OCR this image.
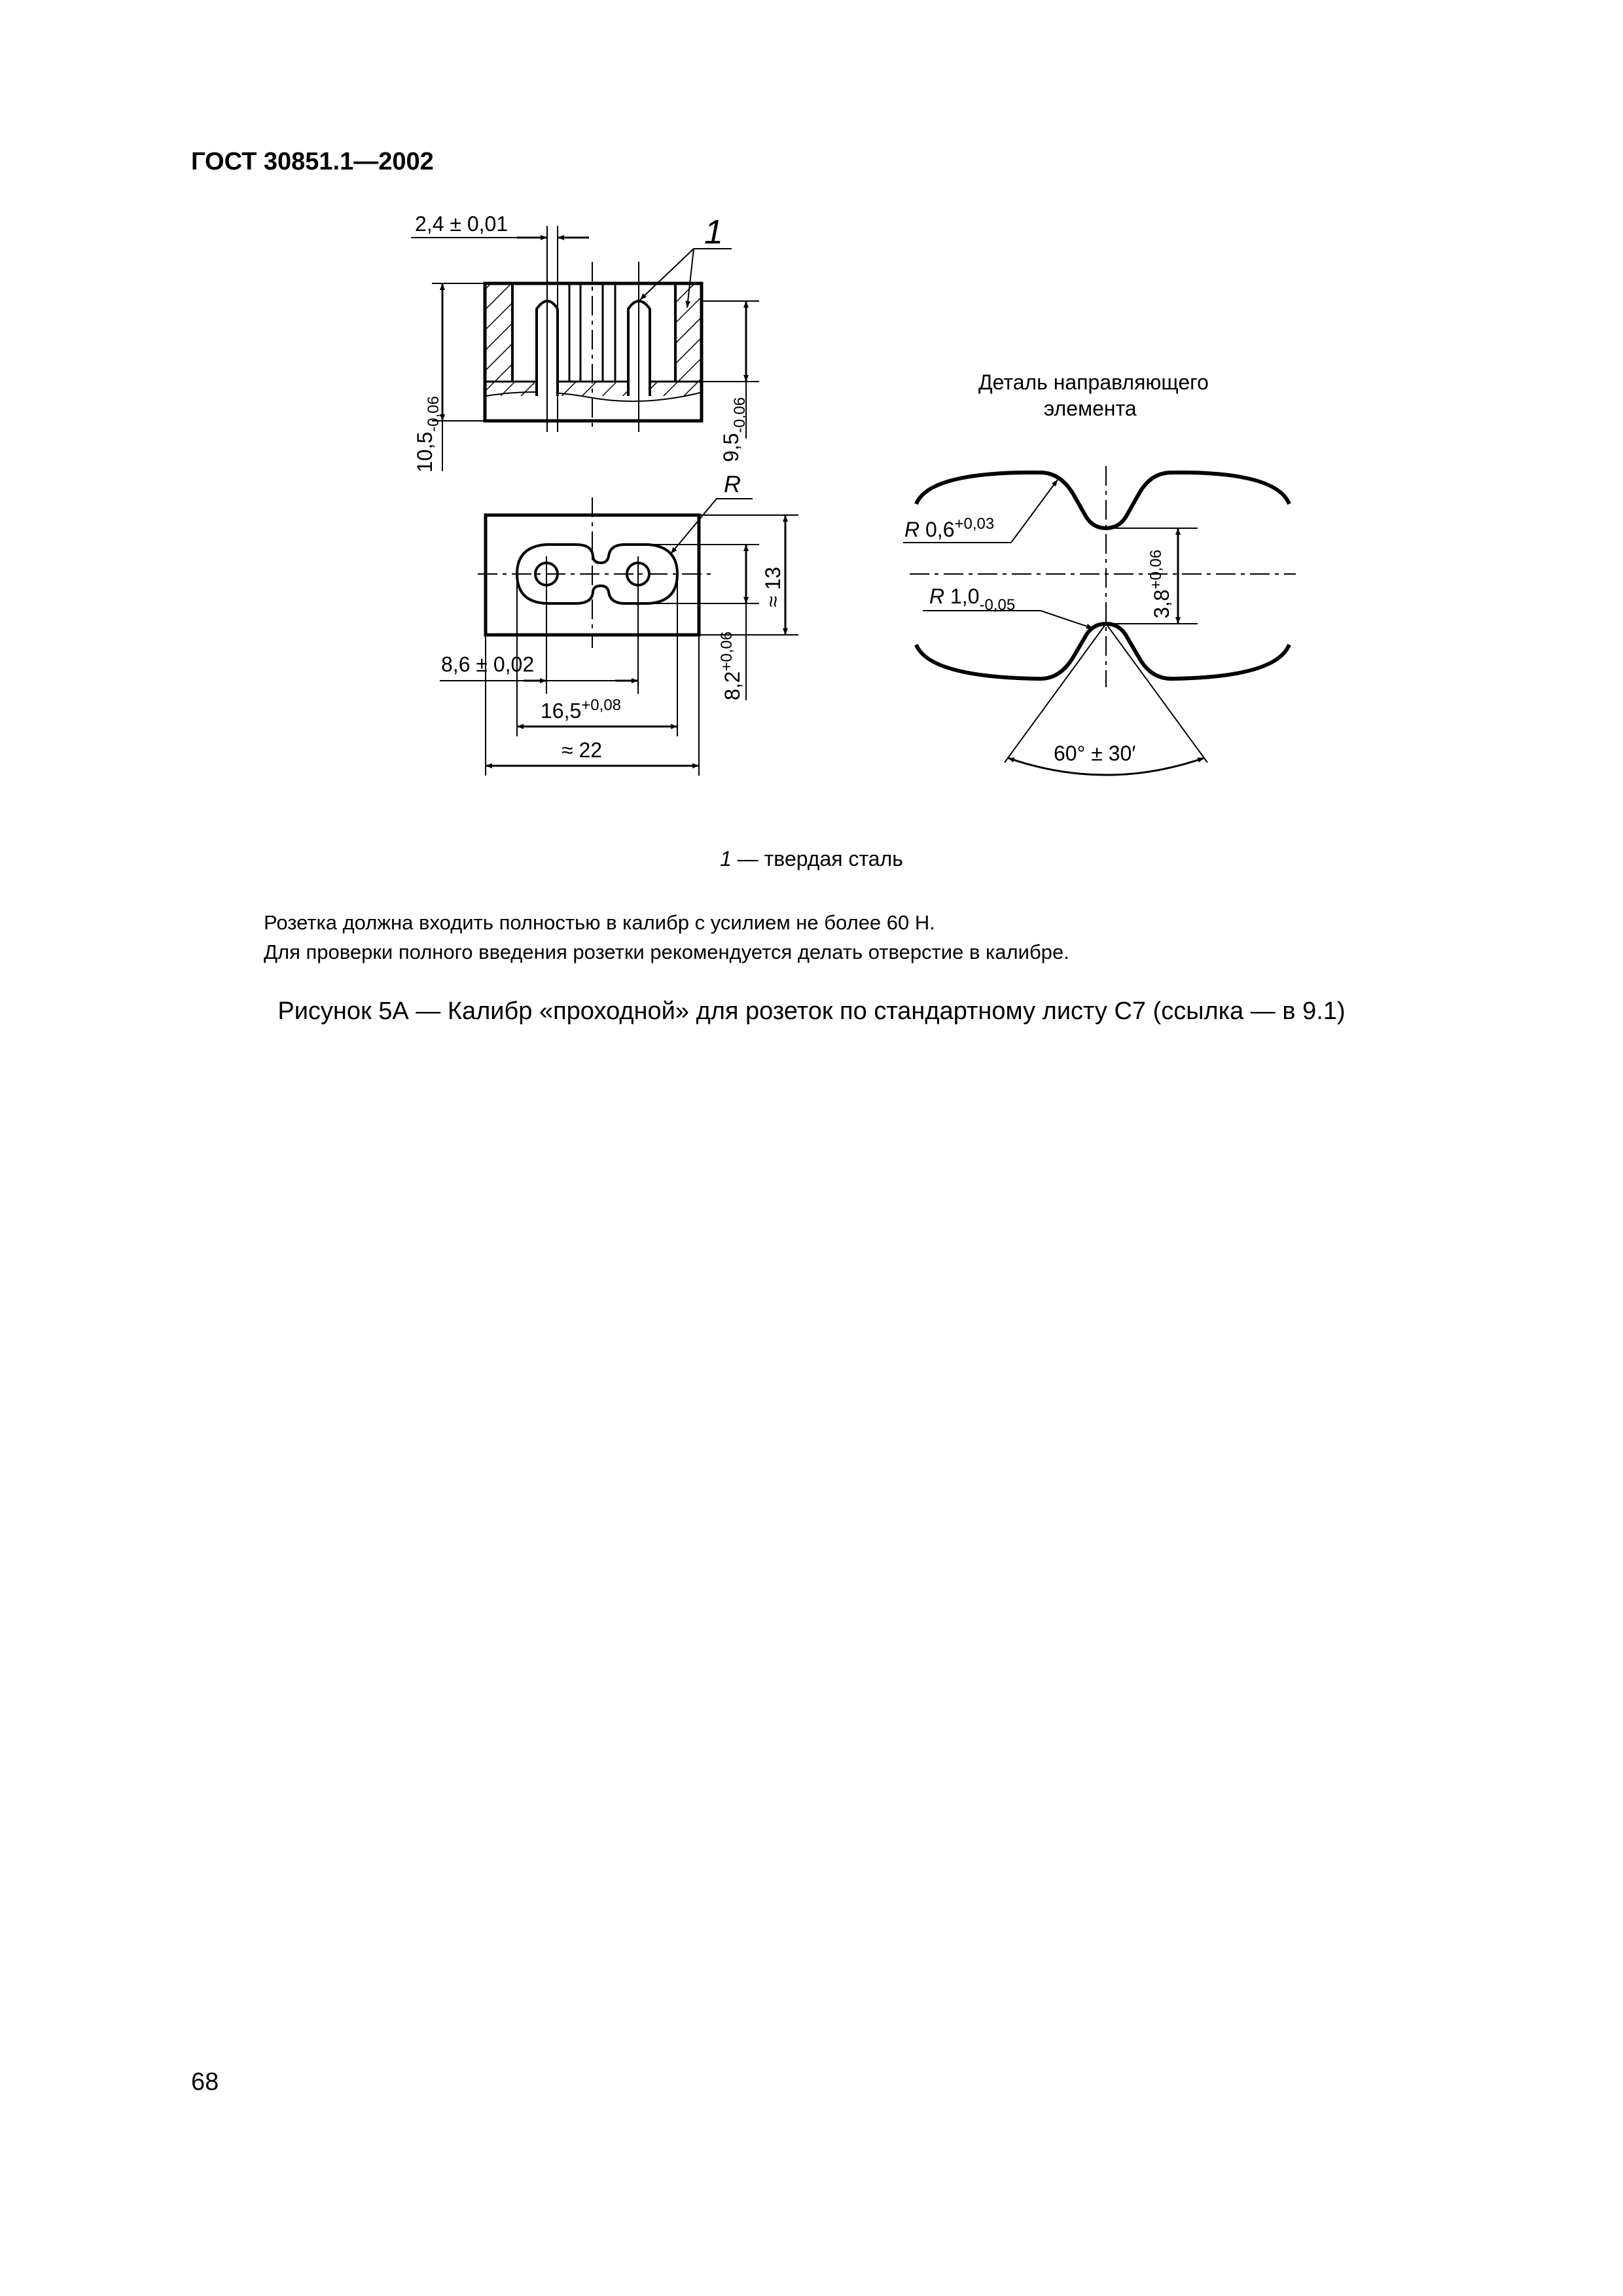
ГОСТ 30851.1—2002
2,4 ± 0,01	1
$10,5_{-0,06}$
$9,5_{-0,06}$
R
≈ 13
$8,2^{+0,06}$
8,6 ± 0,02
$16,5^{+0,08}$
≈ 22
Деталь направляющего
элемента
R $0,6^{+0,03}$
R $1,0_{-0,05}$	$3,8^{+0,06}$
60° ± 30′
1 — твердая сталь
Розетка должна входить полностью в калибр с усилием не более 60 Н.
Для проверки полного введения розетки рекомендуется делать отверстие в калибре.
Рисунок 5А — Калибр «проходной» для розеток по стандартному листу С7 (ссылка — в 9.1)
68
